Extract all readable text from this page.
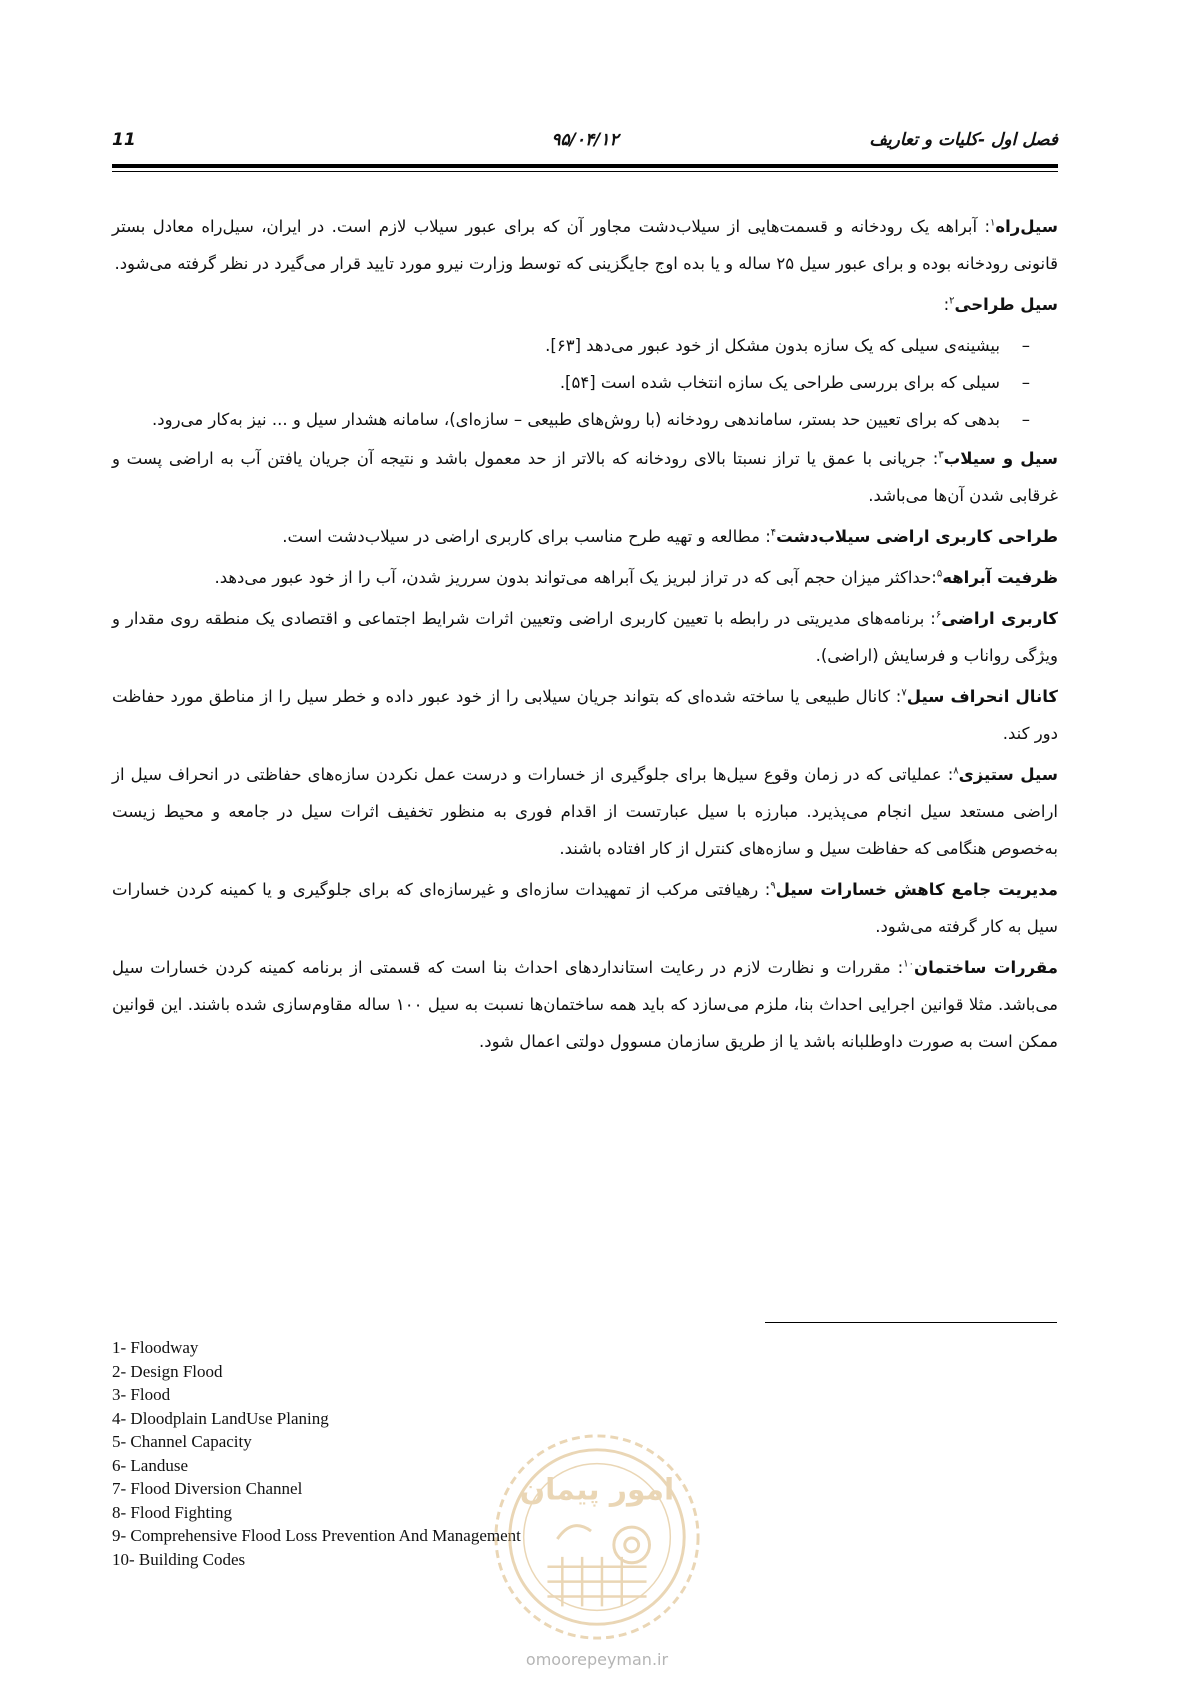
فصل اول -کلیات و تعاریف
۹۵/۰۴/۱۲
11

سیل‌راه$^۱$: آبراهه یک رودخانه و قسمت‌هایی از سیلاب‌دشت مجاور آن که برای عبور سیلاب لازم است. در ایران، سیل‌راه معادل بستر قانونی رودخانه بوده و برای عبور سیل ۲۵ ساله و یا بده اوج جایگزینی که توسط وزارت نیرو مورد تایید قرار می‌گیرد در نظر گرفته می‌شود.

سیل طراحی$^۲$:

– بیشینه‌ی سیلی که یک سازه بدون مشکل از خود عبور می‌دهد [۶۳].
– سیلی که برای بررسی طراحی یک سازه انتخاب شده است [۵۴].
– بدهی که برای تعیین حد بستر، ساماندهی رودخانه (با روش‌های طبیعی – سازه‌ای)، سامانه هشدار سیل و ... نیز به‌کار می‌رود.

سیل و سیلاب$^۳$: جریانی با عمق یا تراز نسبتا بالای رودخانه که بالاتر از حد معمول باشد و نتیجه آن جریان یافتن آب به اراضی پست و غرقابی شدن آن‌ها می‌باشد.

طراحی کاربری اراضی سیلاب‌دشت$^۴$: مطالعه و تهیه طرح مناسب برای کاربری اراضی در سیلاب‌دشت است.

ظرفیت آبراهه$^۵$:حداکثر میزان حجم آبی که در تراز لبریز یک آبراهه می‌تواند بدون سرریز شدن، آب را از خود عبور می‌دهد.

کاربری اراضی$^۶$: برنامه‌های مدیریتی در رابطه با تعیین کاربری اراضی وتعیین اثرات شرایط اجتماعی و اقتصادی یک منطقه روی مقدار و ویژگی رواناب و فرسایش (اراضی).

کانال انحراف سیل$^۷$: کانال طبیعی یا ساخته شده‌ای که بتواند جریان سیلابی را از خود عبور داده و خطر سیل را از مناطق مورد حفاظت دور کند.

سیل ستیزی$^۸$: عملیاتی که در زمان وقوع سیل‌ها برای جلوگیری از خسارات و درست عمل نکردن سازه‌های حفاظتی در انحراف سیل از اراضی مستعد سیل انجام می‌پذیرد. مبارزه با سیل عبارتست از اقدام فوری به منظور تخفیف اثرات سیل در جامعه و محیط زیست به‌خصوص هنگامی که حفاظت سیل و سازه‌های کنترل از کار افتاده باشند.

مدیریت جامع کاهش خسارات سیل$^۹$: رهیافتی مرکب از تمهیدات سازه‌ای و غیرسازه‌ای که برای جلوگیری و یا کمینه کردن خسارات سیل به کار گرفته می‌شود.

مقررات ساختمان$^{۱۰}$: مقررات و نظارت لازم در رعایت استانداردهای احداث بنا است که قسمتی از برنامه کمینه کردن خسارات سیل می‌باشد. مثلا قوانین اجرایی احداث بنا، ملزم می‌سازد که باید همه ساختمان‌ها نسبت به سیل ۱۰۰ ساله مقاوم‌سازی شده باشند. این قوانین ممکن است به صورت داوطلبانه باشد یا از طریق سازمان مسوول دولتی اعمال شود.

1- Floodway
2- Design Flood
3- Flood
4- Dloodplain LandUse Planing
5- Channel Capacity
6- Landuse
7- Flood Diversion Channel
8- Flood Fighting
9- Comprehensive Flood Loss Prevention And Management
10- Building Codes
امور پیمان
omoorepeyman.ir
